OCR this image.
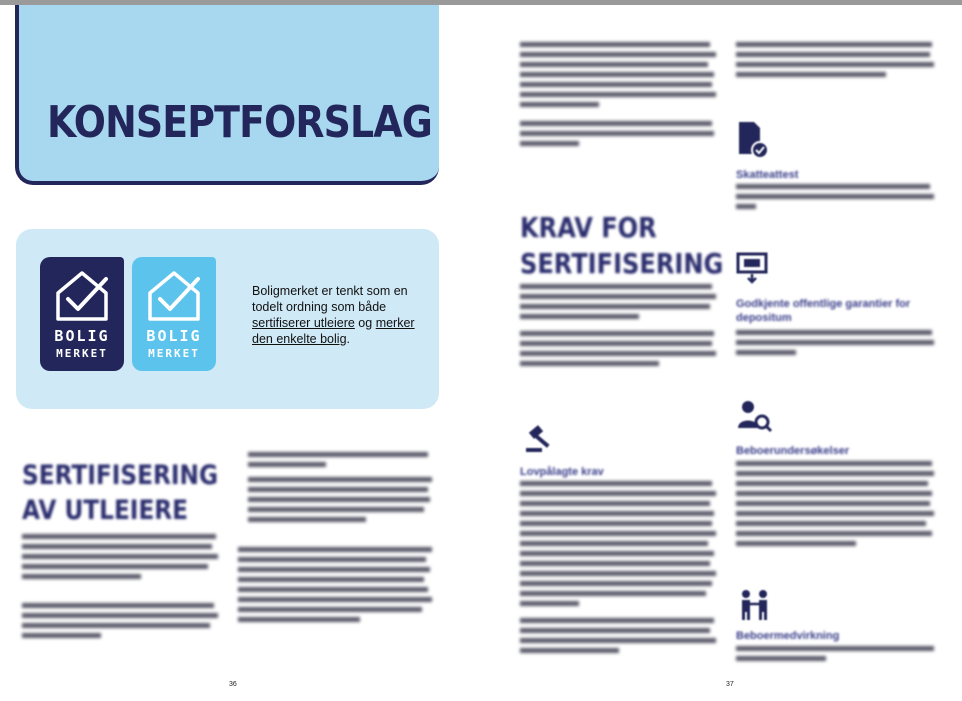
KONSEPTFORSLAG
BOLIG
MERKET
BOLIG
MERKET

Boligmerket er tenkt som en todelt ordning som både sertifiserer utleiere og merker den enkelte bolig.

SERTIFISERING
AV UTLEIERE
36
KRAV FOR
SERTIFISERING
Lovpålagte krav
Skatteattest
Godkjente offentlige garantier for depositum
Beboerundersøkelser
Beboermedvirkning
37
